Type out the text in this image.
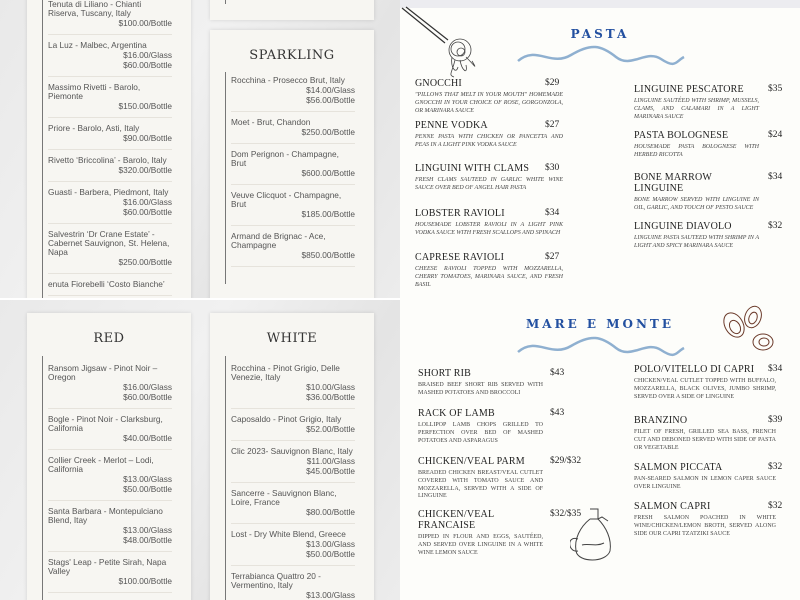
Tenuta di Liliano - Chianti Riserva, Tuscany, Italy
$100.00/Bottle
La Luz - Malbec, Argentina
$16.00/Glass
$60.00/Bottle
Massimo Rivetti - Barolo, Piemonte
$150.00/Bottle
Priore - Barolo, Asti, Italy
$90.00/Bottle
Rivetto ‘Briccolina’ - Barolo, Italy
$320.00/Bottle
Guasti - Barbera, Piedmont, Italy
$16.00/Glass
$60.00/Bottle
Salvestrin ‘Dr Crane Estate’ - Cabernet Sauvignon, St. Helena, Napa
$250.00/Bottle
enuta Fiorebelli ‘Costo Bianche’
SPARKLING
Rocchina - Prosecco Brut, Italy
$14.00/Glass
$56.00/Bottle
Moet - Brut, Chandon
$250.00/Bottle
Dom Perignon - Champagne, Brut
$600.00/Bottle
Veuve Clicquot - Champagne, Brut
$185.00/Bottle
Armand de Brignac - Ace, Champagne
$850.00/Bottle
RED
Ransom Jigsaw - Pinot Noir – Oregon
$16.00/Glass
$60.00/Bottle
Bogle - Pinot Noir - Clarksburg, California
$40.00/Bottle
Collier Creek - Merlot – Lodi, California
$13.00/Glass
$50.00/Bottle
Santa Barbara - Montepulciano Blend, Itay
$13.00/Glass
$48.00/Bottle
Stags' Leap - Petite Sirah, Napa Valley
$100.00/Bottle
WHITE
Rocchina - Pinot Grigio, Delle Venezie, Italy
$10.00/Glass
$36.00/Bottle
Caposaldo - Pinot Grigio, Italy
$52.00/Bottle
Clic 2023- Sauvignon Blanc, Italy
$11.00/Glass
$45.00/Bottle
Sancerre - Sauvignon Blanc, Loire, France
$80.00/Bottle
Lost - Dry White Blend, Greece
$13.00/Glass
$50.00/Bottle
Terrabianca Quattro 20 - Vermentino, Italy
$13.00/Glass
PASTA
MARE E MONTE
GNOCCHI	$29
"PILLOWS THAT MELT IN YOUR MOUTH" HOMEMADE GNOCCHI IN YOUR CHOICE OF ROSE, GORGONZOLA, OR MARINARA SAUCE
PENNE VODKA	$27
PENNE PASTA WITH CHICKEN OR PANCETTA AND PEAS IN A LIGHT PINK VODKA SAUCE
LINGUINI WITH CLAMS	$30
FRESH CLAMS SAUTEED IN GARLIC WHITE WINE SAUCE OVER BED OF ANGEL HAIR PASTA
LOBSTER RAVIOLI	$34
HOUSEMADE LOBSTER RAVIOLI IN A LIGHT PINK VODKA SAUCE WITH FRESH SCALLOPS AND SPINACH
CAPRESE RAVIOLI	$27
CHEESE RAVIOLI TOPPED WITH MOZZARELLA, CHERRY TOMATOES, MARINARA SAUCE, AND FRESH BASIL
LINGUINE PESCATORE	$35
LINGUINE SAUTÉED WITH SHRIMP, MUSSELS, CLAMS, AND CALAMARI IN A LIGHT MARINARA SAUCE
PASTA BOLOGNESE	$24
HOUSEMADE PASTA BOLOGNESE WITH HERBED RICOTTA
BONE MARROW LINGUINE
$34
BONE MARROW SERVED WITH LINGUINE IN OIL, GARLIC, AND TOUCH OF PESTO SAUCE
LINGUINE DIAVOLO	$32
LINGUINE PASTA SAUTEED WITH SHRIMP IN A LIGHT AND SPICY MARINARA SAUCE
SHORT RIB	$43
BRAISED BEEF SHORT RIB SERVED WITH MASHED POTATOES AND BROCCOLI
RACK OF LAMB	$43
LOLLIPOP LAMB CHOPS GRILLED TO PERFECTION OVER BED OF MASHED POTATOES AND ASPARAGUS
CHICKEN/VEAL PARM	$29/$32
BREADED CHICKEN BREAST/VEAL CUTLET COVERED WITH TOMATO SAUCE AND MOZZARELLA, SERVED WITH A SIDE OF LINGUINE
CHICKEN/VEAL FRANCAISE
$32/$35
DIPPED IN FLOUR AND EGGS, SAUTÉED, AND SERVED OVER LINGUINE IN A WHITE WINE LEMON SAUCE
POLO/VITELLO DI CAPRI	$34
CHICKEN/VEAL CUTLET TOPPED WITH BUFFALO, MOZZARELLA, BLACK OLIVES, JUMBO SHRIMP, SERVED OVER A SIDE OF LINGUINE
BRANZINO	$39
FILET OF FRESH, GRILLED SEA BASS, FRENCH CUT AND DEBONED SERVED WITH SIDE OF PASTA OR VEGETABLE
SALMON PICCATA	$32
PAN-SEARED SALMON IN LEMON CAPER SAUCE OVER LINGUINE
SALMON CAPRI	$32
FRESH SALMON POACHED IN WHITE WINE/CHICKEN/LEMON BROTH, SERVED ALONG SIDE OUR CAPRI TZATZIKI SAUCE
